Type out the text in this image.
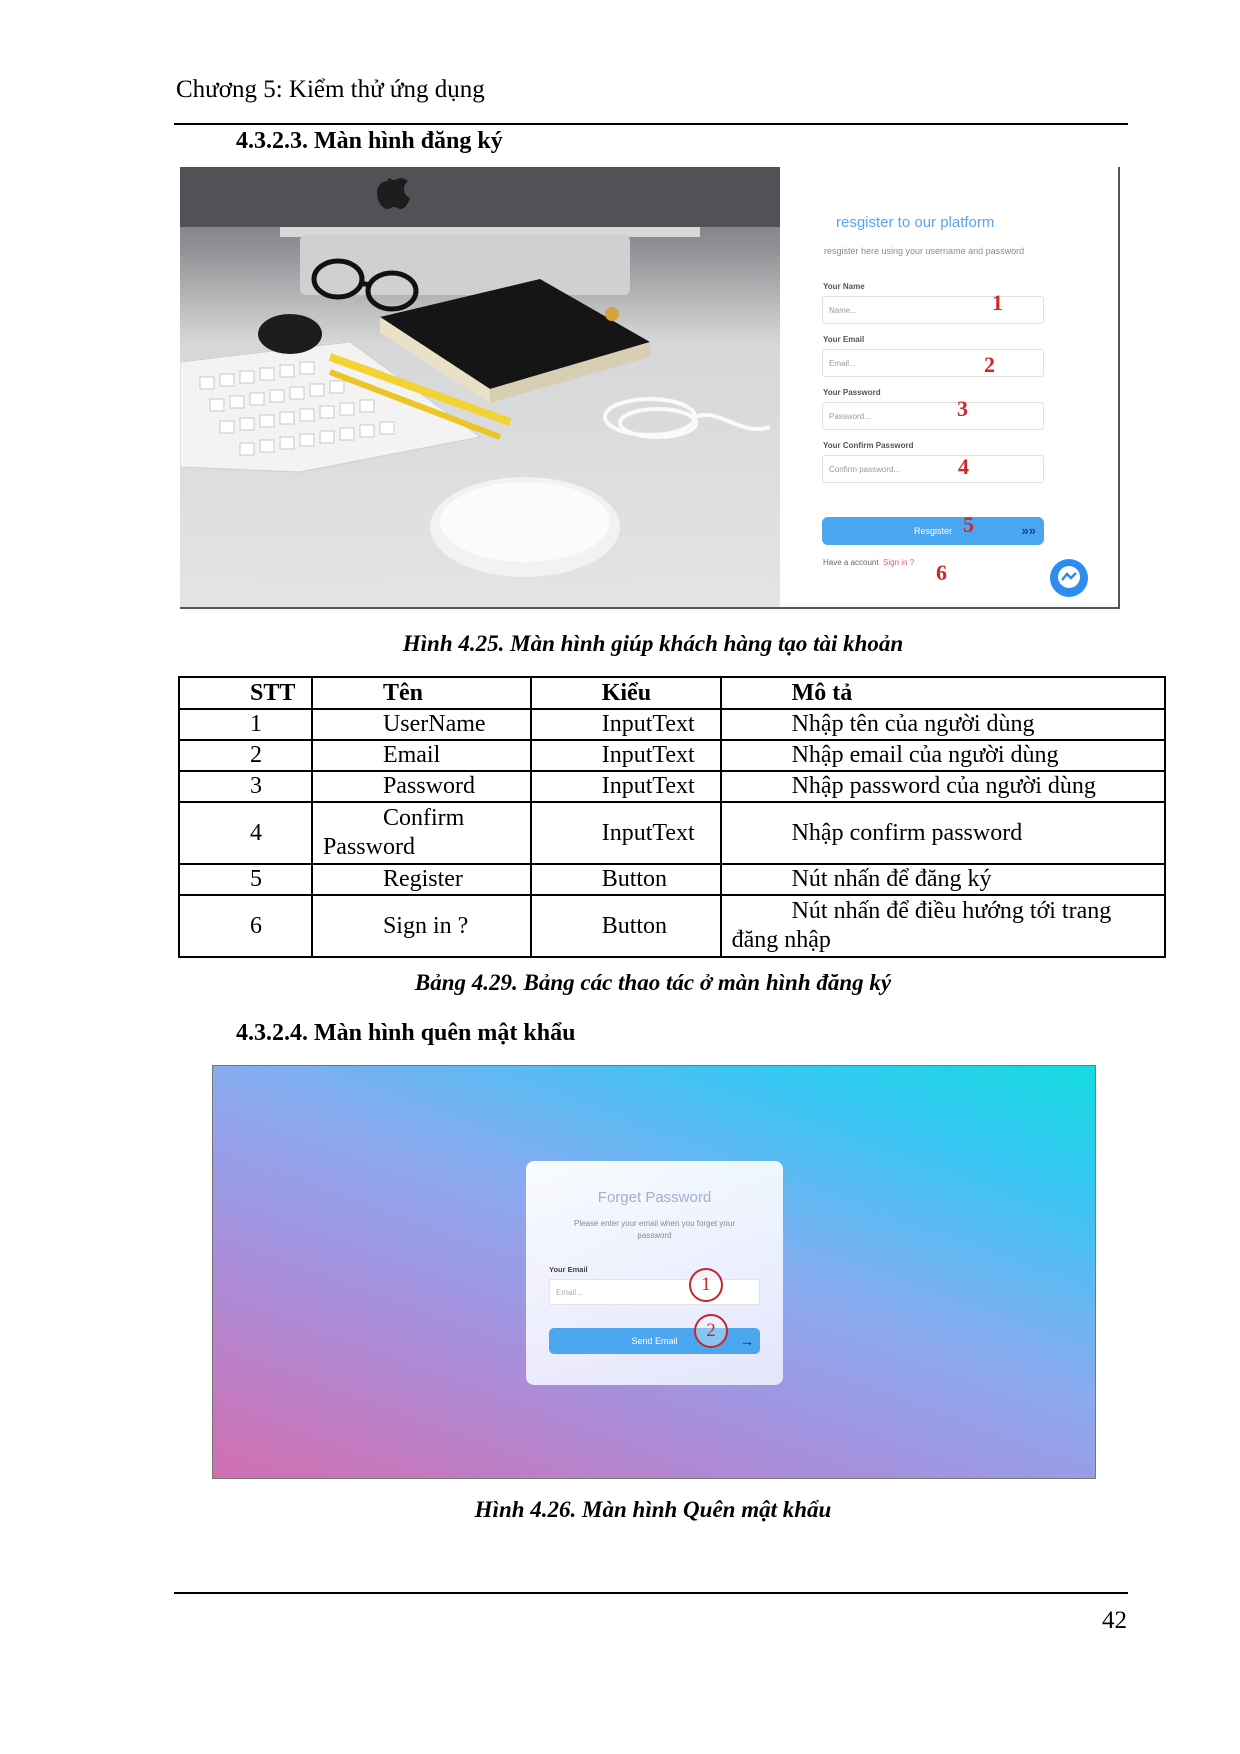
Chương 5: Kiểm thử ứng dụng
4.3.2.3. Màn hình đăng ký
resgister to our platform
resgister here using your username and password
Your Name
Name...	1
Your Email
Email...	2
Your Password
Password...	3
Your Confirm Password
Confirm password...	4
Resgister	»»
5
Have a account Sign in ? 6
Hình 4.25. Màn hình giúp khách hàng tạo tài khoản
STT	Tên	Kiểu	Mô tả
1	UserName	InputText	Nhập tên của người dùng
2	Email	InputText	Nhập email của người dùng
3	Password	InputText	Nhập password của người dùng
4	Confirm Password	InputText	Nhập confirm password
5	Register	Button	Nút nhấn để đăng ký
6	Sign in ?	Button	Nút nhấn để điều hướng tới trang đăng nhập
Bảng 4.29. Bảng các thao tác ở màn hình đăng ký
4.3.2.4. Màn hình quên mật khẩu
Forget Password
Please enter your email when you forget your password
Your Email
Email...	1
Send Email	→
2
Hình 4.26. Màn hình Quên mật khẩu
42
